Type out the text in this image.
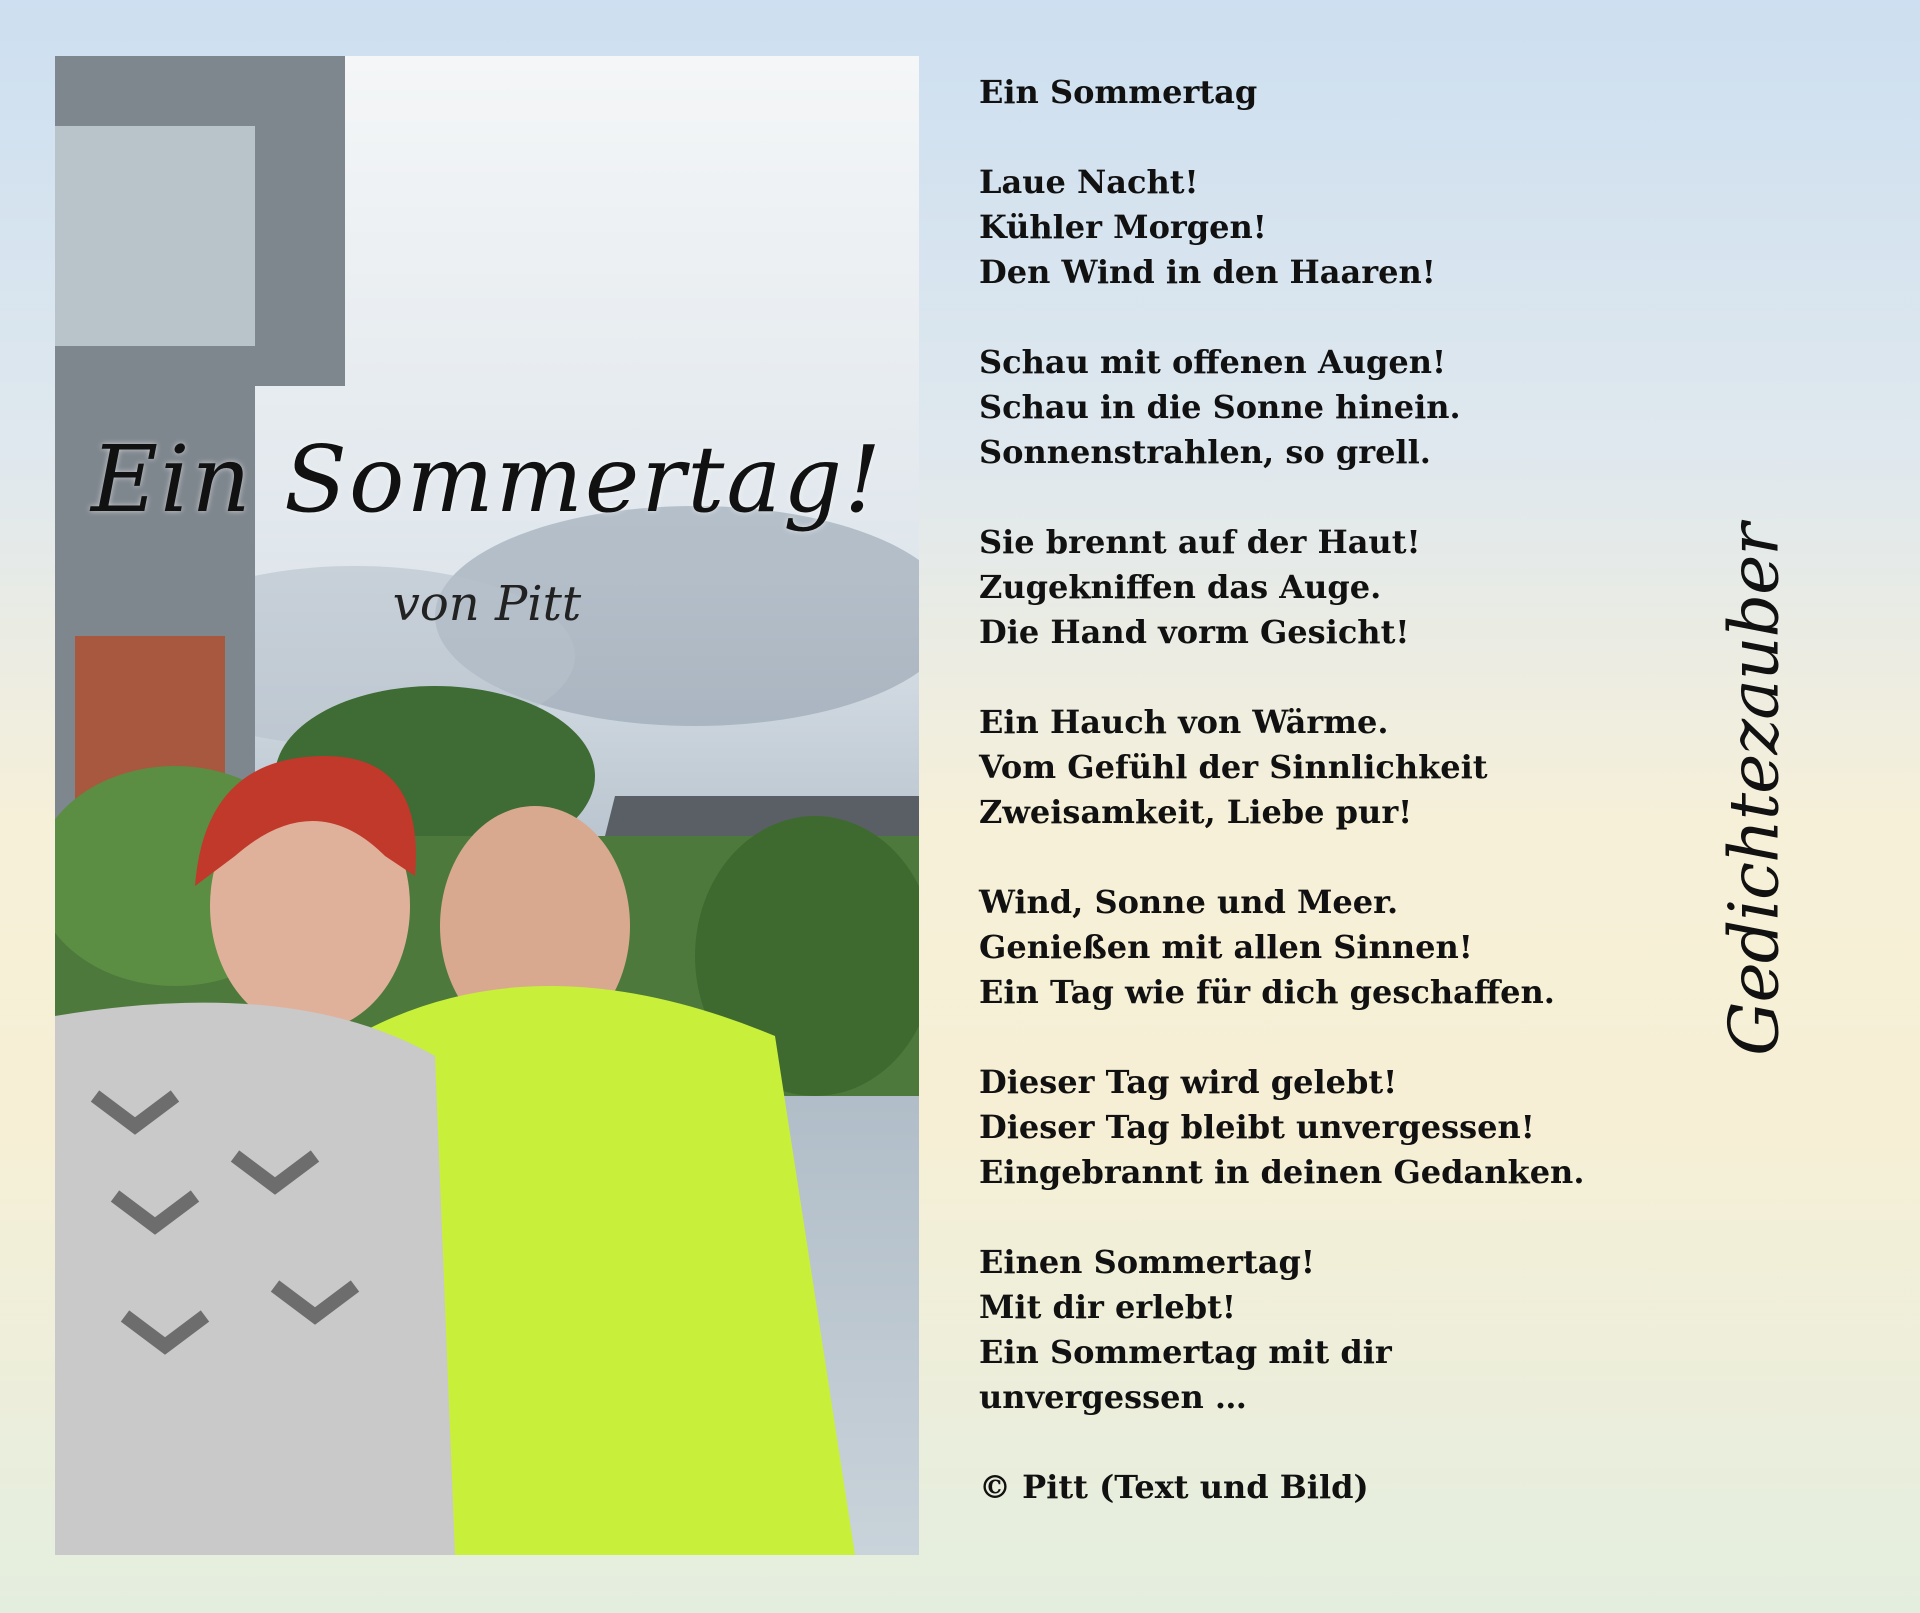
Ein Sommertag!
von Pitt
Ein Sommertag
Laue Nacht!
Kühler Morgen!
Den Wind in den Haaren!
Schau mit offenen Augen!
Schau in die Sonne hinein.
Sonnenstrahlen, so grell.
Sie brennt auf der Haut!
Zugekniffen das Auge.
Die Hand vorm Gesicht!
Ein Hauch von Wärme.
Vom Gefühl der Sinnlichkeit
Zweisamkeit, Liebe pur!
Wind, Sonne und Meer.
Genießen mit allen Sinnen!
Ein Tag wie für dich geschaffen.
Dieser Tag wird gelebt!
Dieser Tag bleibt unvergessen!
Eingebrannt in deinen Gedanken.
Einen Sommertag!
Mit dir erlebt!
Ein Sommertag mit dir
unvergessen …
© Pitt (Text und Bild)
Gedichtezauber
